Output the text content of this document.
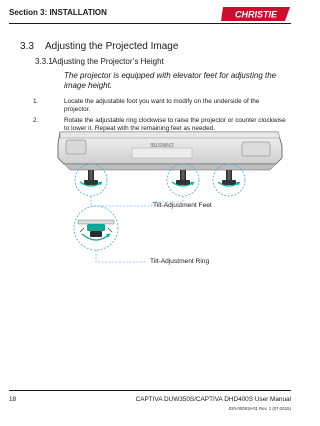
Section 3: INSTALLATION	CHRISTIE
3.3 Adjusting the Projected Image
3.3.1Adjusting the Projector’s Height
The projector is equipped with elevator feet for adjusting the image height.
1.	Locate the adjustable foot you want to modify on the underside of the projector.
2.	Rotate the adjustable ring clockwise to raise the projector or counter clockwise to lower it. Repeat with the remaining feet as needed.
CHRISTIE
Tilt-Adjustment Feet
Tilt-Adjustment Ring
18	CAPTIVA DUW350S/CAPTIVA DHD400S User Manual
020-000819-01 Rev. 1 (07-2015)
